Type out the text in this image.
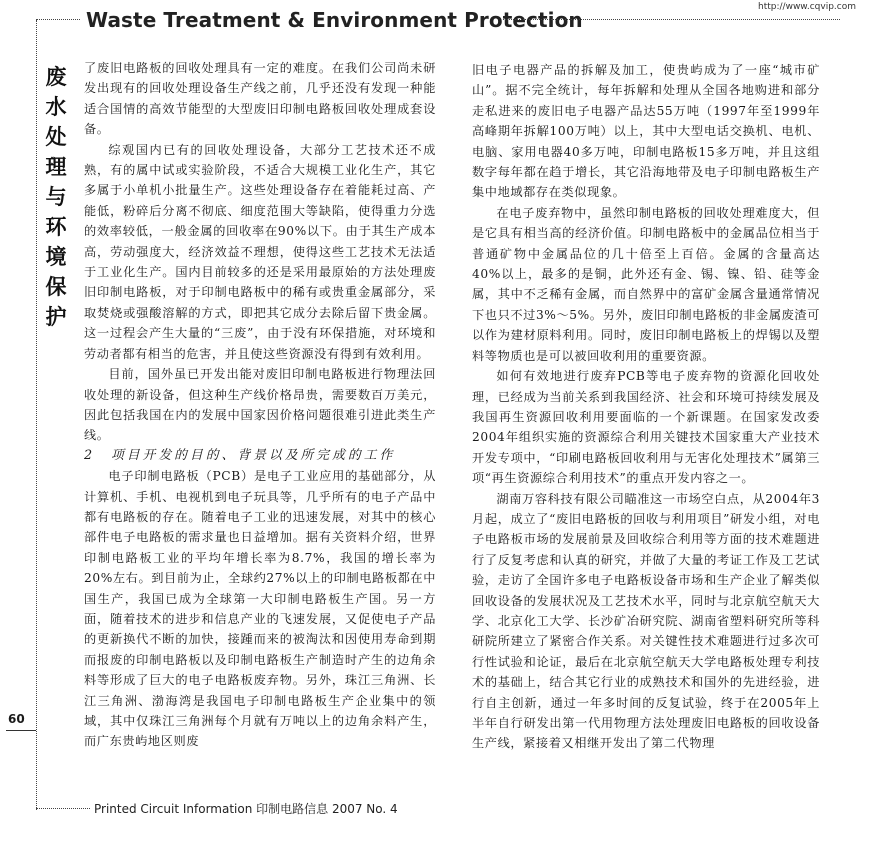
http://www.cqvip.com
Waste Treatment & Environment Protection
废
水
处
理
与
环
境
保
护
60

了废旧电路板的回收处理具有一定的难度。在我们公司尚未研发出现有的回收处理设备生产线之前，几乎还没有发现一种能适合国情的高效节能型的大型废旧印制电路板回收处理成套设备。

综观国内已有的回收处理设备，大部分工艺技术还不成熟，有的属中试或实验阶段，不适合大规模工业化生产，其它多属于小单机小批量生产。这些处理设备存在着能耗过高、产能低，粉碎后分离不彻底、细度范围大等缺陷，使得重力分选的效率较低，一般金属的回收率在90%以下。由于其生产成本高，劳动强度大，经济效益不理想，使得这些工艺技术无法适于工业化生产。国内目前较多的还是采用最原始的方法处理废旧印制电路板，对于印制电路板中的稀有或贵重金属部分，采取焚烧或强酸溶解的方式，即把其它成分去除后留下贵金属。这一过程会产生大量的“三废”，由于没有环保措施，对环境和劳动者都有相当的危害，并且使这些资源没有得到有效利用。

目前，国外虽已开发出能对废旧印制电路板进行物理法回收处理的新设备，但这种生产线价格昂贵，需要数百万美元，因此包括我国在内的发展中国家因价格问题很难引进此类生产线。

2　项目开发的目的、背景以及所完成的工作

电子印制电路板（PCB）是电子工业应用的基础部分，从计算机、手机、电视机到电子玩具等，几乎所有的电子产品中都有电路板的存在。随着电子工业的迅速发展，对其中的核心部件电子电路板的需求量也日益增加。据有关资料介绍，世界印制电路板工业的平均年增长率为8.7%，我国的增长率为20%左右。到目前为止，全球约27%以上的印制电路板都在中国生产，我国已成为全球第一大印制电路板生产国。另一方面，随着技术的进步和信息产业的飞速发展，又促使电子产品的更新换代不断的加快，接踵而来的被淘汰和因使用寿命到期而报废的印制电路板以及印制电路板生产制造时产生的边角余料等形成了巨大的电子电路板废弃物。另外，珠江三角洲、长江三角洲、渤海湾是我国电子印制电路板生产企业集中的领域，其中仅珠江三角洲每个月就有万吨以上的边角余料产生，而广东贵屿地区则废

旧电子电器产品的拆解及加工，使贵屿成为了一座“城市矿山”。据不完全统计，每年拆解和处理从全国各地购进和部分走私进来的废旧电子电器产品达55万吨（1997年至1999年高峰期年拆解100万吨）以上，其中大型电话交换机、电机、电脑、家用电器40多万吨，印制电路板15多万吨，并且这组数字每年都在趋于增长，其它沿海地带及电子印制电路板生产集中地域都存在类似现象。

在电子废弃物中，虽然印制电路板的回收处理难度大，但是它具有相当高的经济价值。印制电路板中的金属品位相当于普通矿物中金属品位的几十倍至上百倍。金属的含量高达40%以上，最多的是铜，此外还有金、锡、镍、铅、硅等金属，其中不乏稀有金属，而自然界中的富矿金属含量通常情况下也只不过3%～5%。另外，废旧印制电路板的非金属废渣可以作为建材原料利用。同时，废旧印制电路板上的焊锡以及塑料等物质也是可以被回收利用的重要资源。

如何有效地进行废弃PCB等电子废弃物的资源化回收处理，已经成为当前关系到我国经济、社会和环境可持续发展及我国再生资源回收利用要面临的一个新课题。在国家发改委2004年组织实施的资源综合利用关键技术国家重大产业技术开发专项中，“印刷电路板回收利用与无害化处理技术”属第三项“再生资源综合利用技术”的重点开发内容之一。

湖南万容科技有限公司瞄准这一市场空白点，从2004年3月起，成立了“废旧电路板的回收与利用项目”研发小组，对电子电路板市场的发展前景及回收综合利用等方面的技术难题进行了反复考虑和认真的研究，并做了大量的考证工作及工艺试验，走访了全国许多电子电路板设备市场和生产企业了解类似回收设备的发展状况及工艺技术水平，同时与北京航空航天大学、北京化工大学、长沙矿冶研究院、湖南省塑料研究所等科研院所建立了紧密合作关系。对关键性技术难题进行过多次可行性试验和论证，最后在北京航空航天大学电路板处理专利技术的基础上，结合其它行业的成熟技术和国外的先进经验，进行自主创新，通过一年多时间的反复试验，终于在2005年上半年自行研发出第一代用物理方法处理废旧电路板的回收设备生产线，紧接着又相继开发出了第二代物理

Printed Circuit Information 印制电路信息 2007 No. 4
